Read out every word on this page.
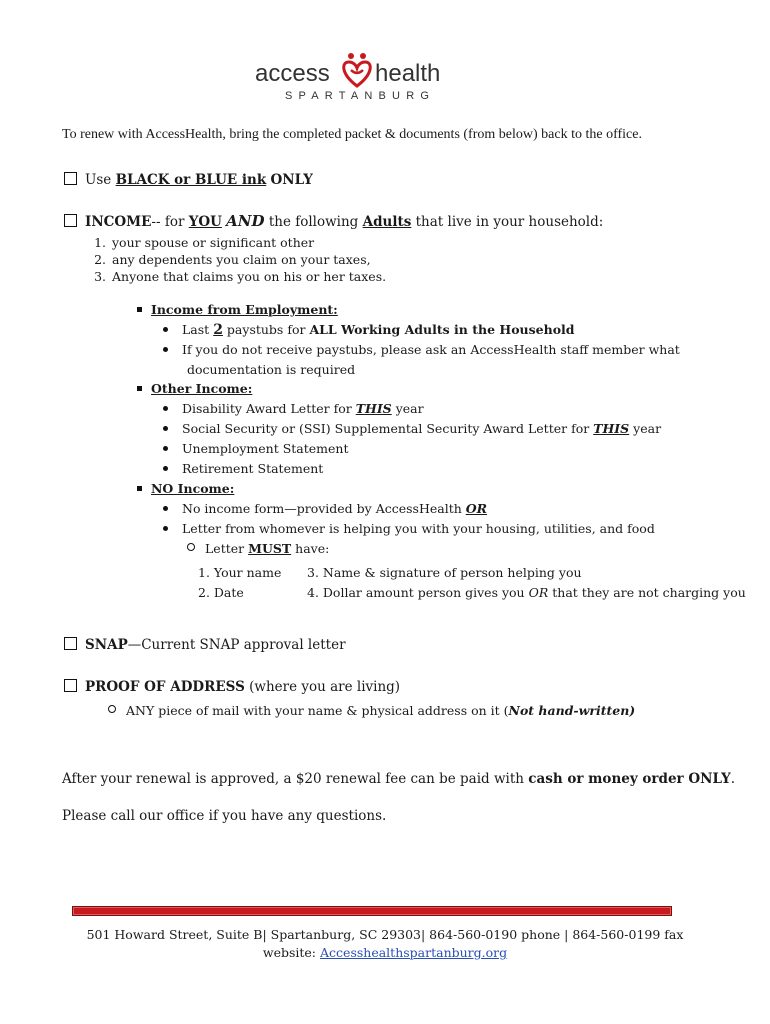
access health
SPARTANBURG
To renew with AccessHealth, bring the completed packet & documents (from below) back to the office.
Use BLACK or BLUE ink ONLY
INCOME-- for YOU AND the following Adults that live in your household:
1. your spouse or significant other
2. any dependents you claim on your taxes,
3. Anyone that claims you on his or her taxes.
Income from Employment:
Last 2 paystubs for ALL Working Adults in the Household
If you do not receive paystubs, please ask an AccessHealth staff member what
documentation is required
Other Income:
Disability Award Letter for THIS year
Social Security or (SSI) Supplemental Security Award Letter for THIS year
Unemployment Statement
Retirement Statement
NO Income:
No income form—provided by AccessHealth OR
Letter from whomever is helping you with your housing, utilities, and food
Letter MUST have:
1. Your name
2. Date
3. Name & signature of person helping you
4. Dollar amount person gives you OR that they are not charging you
SNAP—Current SNAP approval letter
PROOF OF ADDRESS (where you are living)
ANY piece of mail with your name & physical address on it (Not hand-written)
After your renewal is approved, a $20 renewal fee can be paid with cash or money order ONLY.
Please call our office if you have any questions.
501 Howard Street, Suite B| Spartanburg, SC 29303| 864-560-0190 phone | 864-560-0199 fax
website: Accesshealthspartanburg.org
